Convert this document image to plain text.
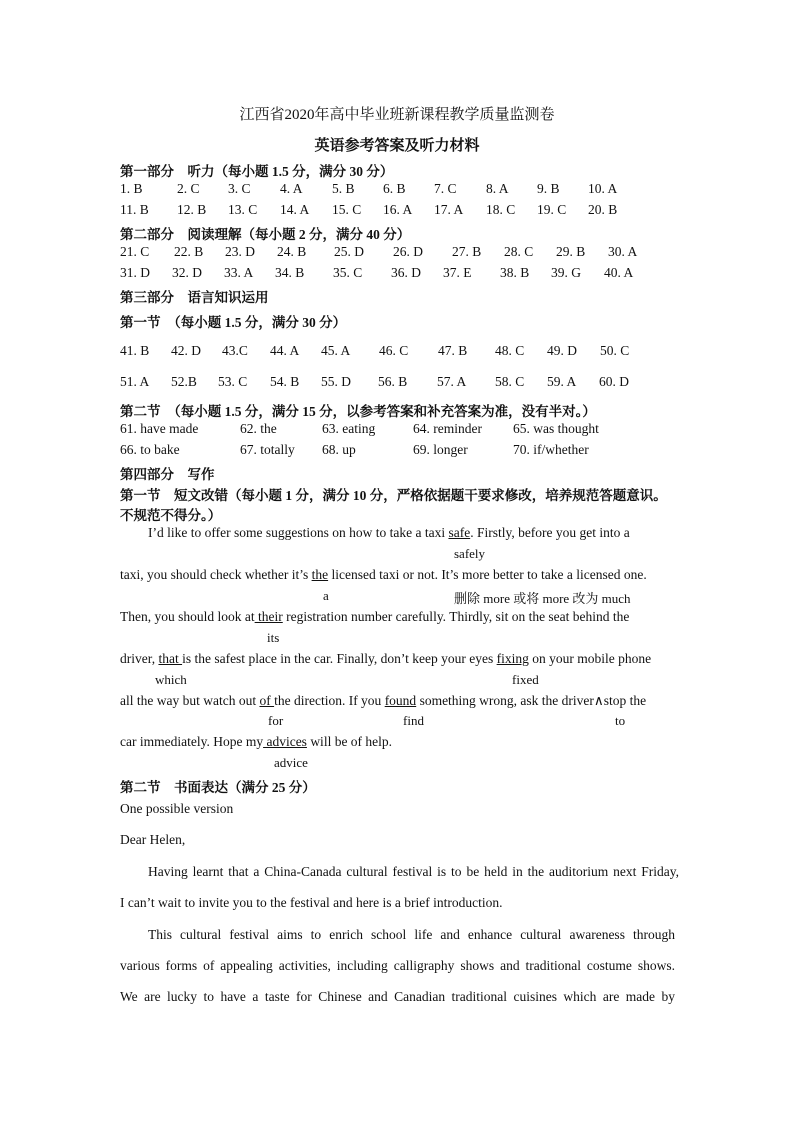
江西省2020年高中毕业班新课程教学质量监测卷
英语参考答案及听力材料
第一部分　听力（每小题 1.5 分，满分 30 分）
1. B	2. C 3. C 4. A 5. B 6. B 7. C 8. A 9. B 10. A
11. B 12. B 13. C 14. A 15. C 16. A 17. A 18. C 19. C 20. B
第二部分　阅读理解（每小题 2 分，满分 40 分）
21. C 22. B 23. D 24. B 25. D 26. D 27. B 28. C 29. B 30. A
31. D 32. D 33. A 34. B 35. C 36. D 37. E 38. B 39. G 40. A
第三部分　语言知识运用
第一节　（每小题 1.5 分，满分 30 分）
41. B 42. D 43.C 44. A 45. A 46. C 47. B 48. C 49. D 50. C
51. A 52.B 53. C 54. B 55. D 56. B 57. A 58. C 59. A 60. D
第二节　（每小题 1.5 分，满分 15 分，以参考答案和补充答案为准，没有半对。）
61. have made	62. the	63. eating	64. reminder 65. was thought
66. to bake	67. totally 68. up	69. longer	70. if/whether
第四部分　写作
第一节　短文改错（每小题 1 分，满分 10 分，严格依据题干要求修改，培养规范答题意识。
不规范不得分。）
I’d like to offer some suggestions on how to take a taxi safe. Firstly, before you get into a
safely
taxi, you should check whether it’s the licensed taxi or not. It’s more better to take a licensed one.
a	删除 more 或将 more 改为 much
Then, you should look at their registration number carefully. Thirdly, sit on the seat behind the
its
driver, that is the safest place in the car. Finally, don’t keep your eyes fixing on your mobile phone
which	fixed
all the way but watch out of the direction. If you found something wrong, ask the driver∧stop the
for	find	to
car immediately. Hope my advices will be of help.
advice
第二节　书面表达（满分 25 分）
One possible version
Dear Helen,
Having learnt that a China-Canada cultural festival is to be held in the auditorium next Friday,
I can’t wait to invite you to the festival and here is a brief introduction.
This cultural festival aims to enrich school life and enhance cultural awareness through
various forms of appealing activities, including calligraphy shows and traditional costume shows.
We are lucky to have a taste for Chinese and Canadian traditional cuisines which are made by
